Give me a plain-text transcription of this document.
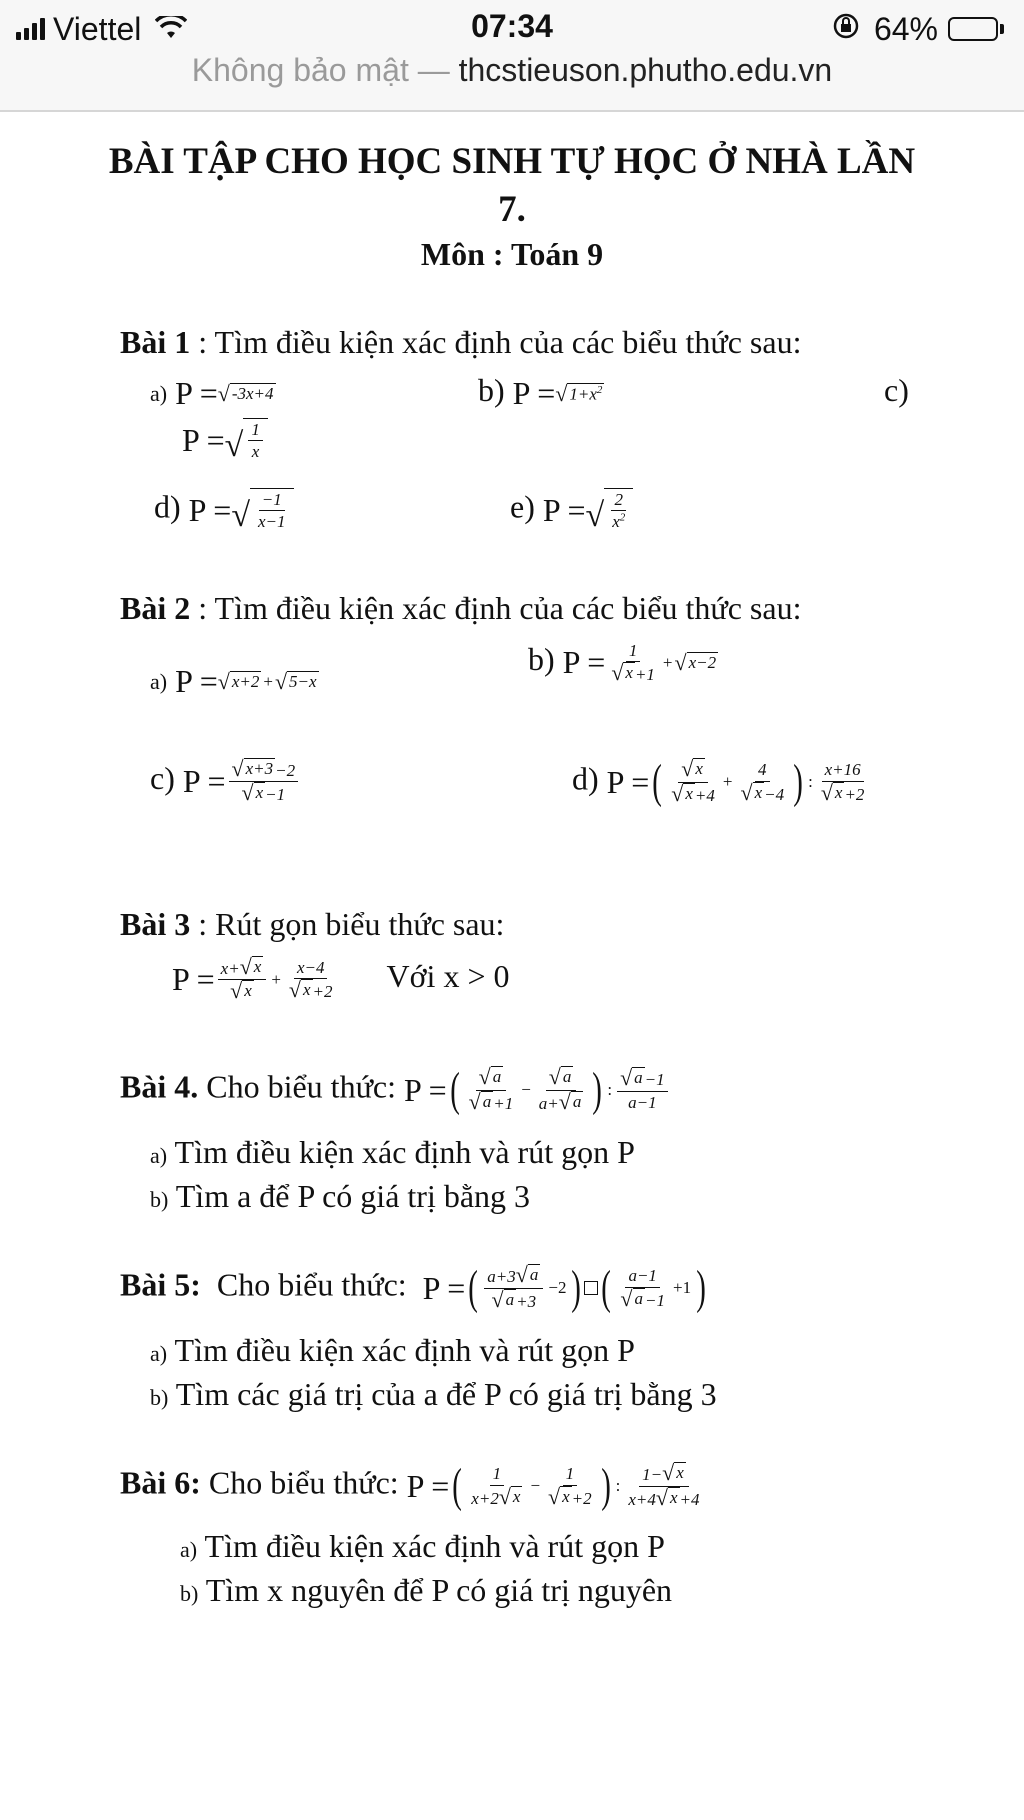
Viettel	07:34	64%
Không bảo mật — thcstieuson.phutho.edu.vn
BÀI TẬP CHO HỌC SINH TỰ HỌC Ở NHÀ LẦN
7.
Môn : Toán 9
Bài 1 : Tìm điều kiện xác định của các biểu thức sau:
a) P = √ -3x+4	b) P = √ $1+x^2$	c)
P = √ $\frac{1}{x}$
d) P = √ $\frac{-1}{x-1}$	e) P = √ $\frac{2}{x^2}$
Bài 2 : Tìm điều kiện xác định của các biểu thức sau:
a) P = √ x+2 + √ 5−x
b) $P = \frac{1}{√ x +1}$ + √ x−2
c) $P = \frac{√ x+3 -2}{√ x -1}$	d) P = ( $\frac{√ x}{√ x +4} + \frac{4}{√ x -4}$ ) : $\frac{x+16}{√ x +2}$
Bài 3 : Rút gọn biểu thức sau:
$P = \frac{x+ √ x}{√ x} + \frac{x-4}{√ x +2}$ Với x > 0
Bài 4. Cho biểu thức: P = ( $\frac{√ a}{√ a +1} - \frac{√ a}{a+ √ a}$ ) : $\frac{√ a -1}{a-1}$
a) Tìm điều kiện xác định và rút gọn P
b) Tìm a để P có giá trị bằng 3
Bài 5:  Cho biểu thức: P = ( $\frac{a+3 √ a}{√ a +3} -2$ ) ( $\frac{a-1}{√ a -1} +1$ )
a) Tìm điều kiện xác định và rút gọn P
b) Tìm các giá trị của a để P có giá trị bằng 3
Bài 6: Cho biểu thức: P = ( $\frac{1}{x+2 √ x} - \frac{1}{√ x +2}$ ) : $\frac{1- √ x}{x+4 √ x +4}$
a) Tìm điều kiện xác định và rút gọn P
b) Tìm x nguyên để P có giá trị nguyên
